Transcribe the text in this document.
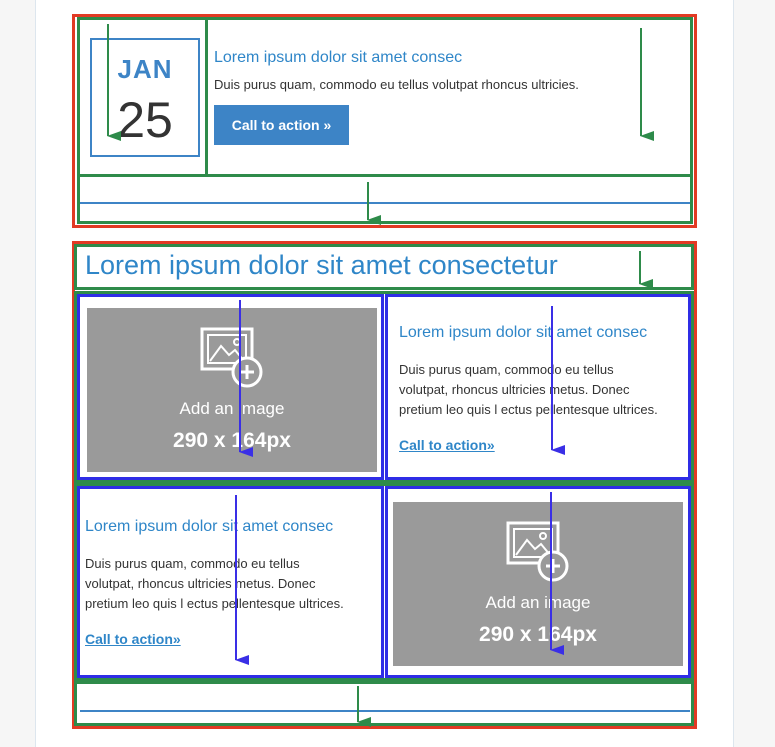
JAN
25
Lorem ipsum dolor sit amet consec
Duis purus quam, commodo eu tellus volutpat rhoncus ultricies.
Call to action »
Lorem ipsum dolor sit amet consectetur
Add an image
290 x 164px
Lorem ipsum dolor sit amet consec
Duis purus quam, commodo eu tellus
volutpat, rhoncus ultricies metus. Donec
pretium leo quis l ectus pellentesque ultrices.
Call to action»
Lorem ipsum dolor sit amet consec
Duis purus quam, commodo eu tellus
volutpat, rhoncus ultricies metus. Donec
pretium leo quis l ectus pellentesque ultrices.
Call to action»
Add an image
290 x 164px
